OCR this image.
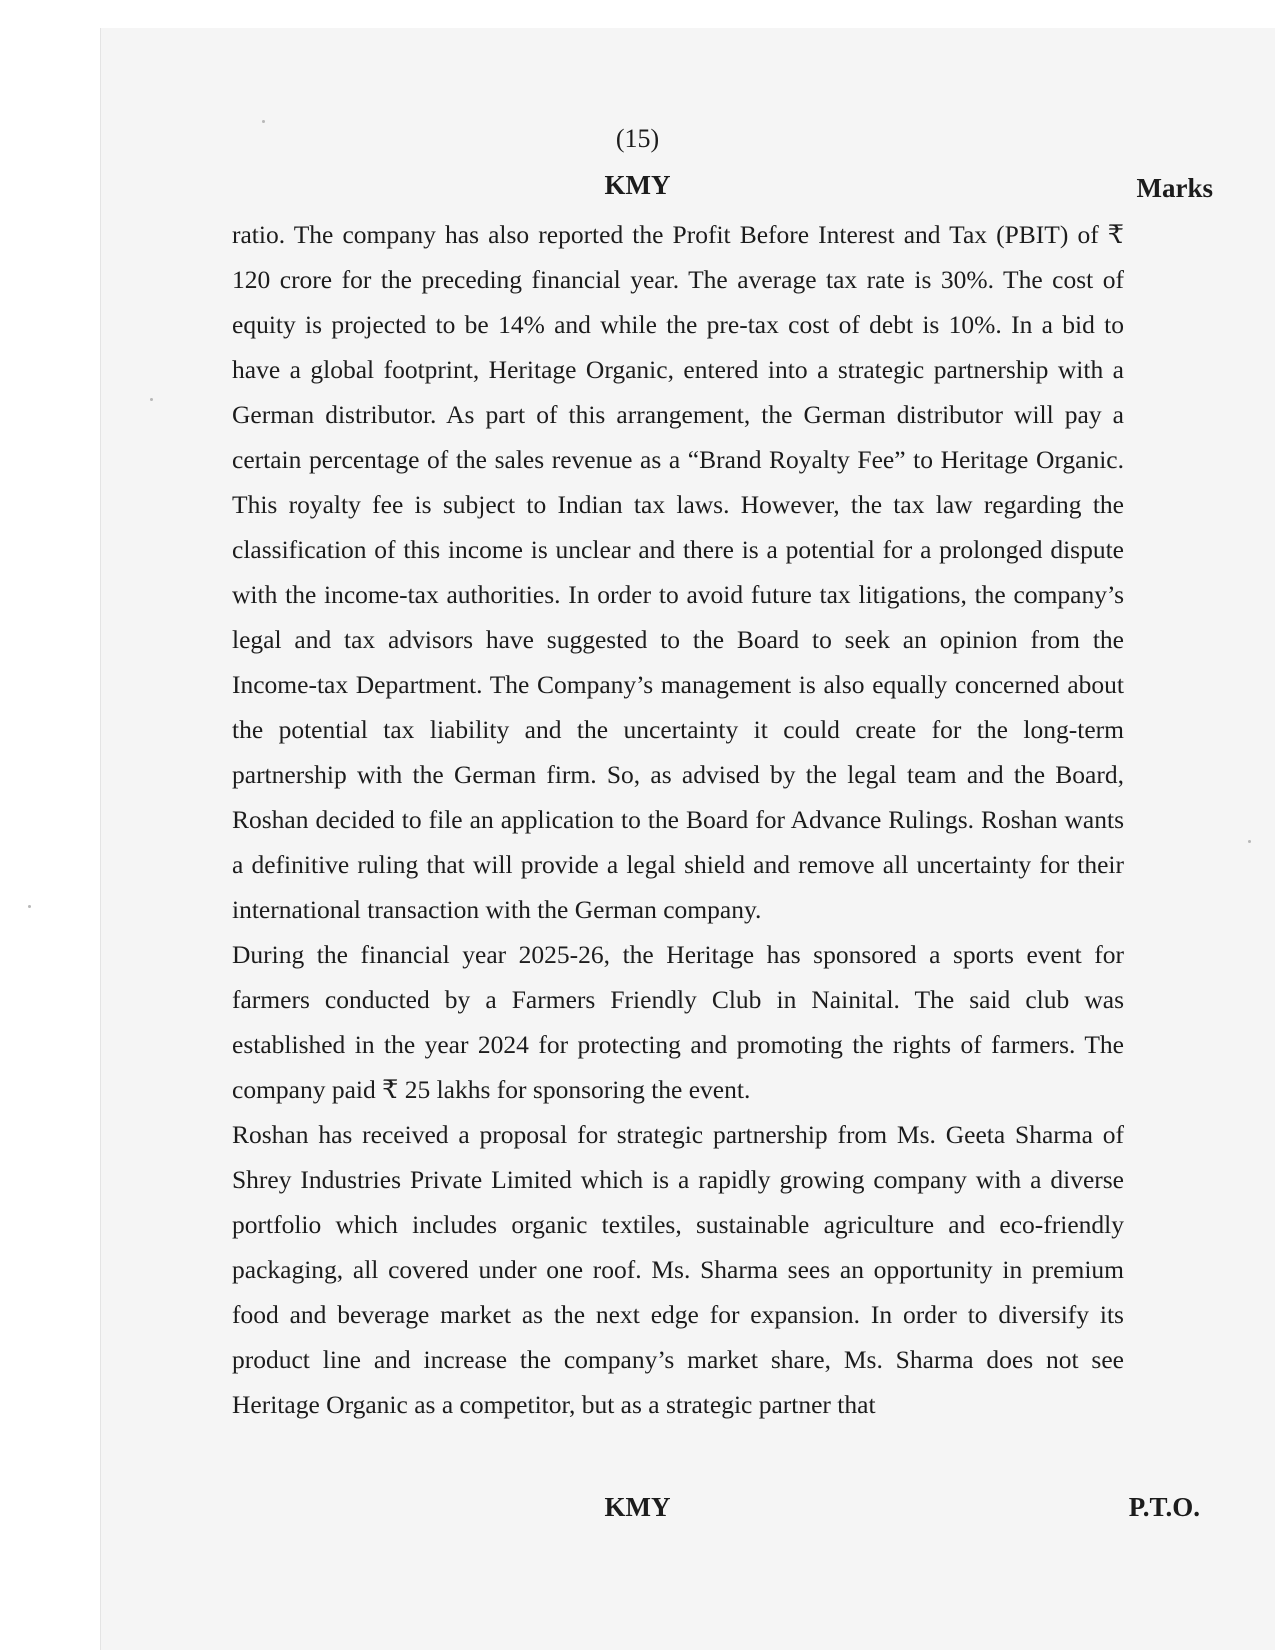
(15)
KMY	Marks

ratio. The company has also reported the Profit Before Interest and Tax (PBIT) of ₹ 120 crore for the preceding financial year. The average tax rate is 30%. The cost of equity is projected to be 14% and while the pre-tax cost of debt is 10%. In a bid to have a global footprint, Heritage Organic, entered into a strategic partnership with a German distributor. As part of this arrangement, the German distributor will pay a certain percentage of the sales revenue as a “Brand Royalty Fee” to Heritage Organic. This royalty fee is subject to Indian tax laws. However, the tax law regarding the classification of this income is unclear and there is a potential for a prolonged dispute with the income-tax authorities. In order to avoid future tax litigations, the company’s legal and tax advisors have suggested to the Board to seek an opinion from the Income-tax Department. The Company’s management is also equally concerned about the potential tax liability and the uncertainty it could create for the long-term partnership with the German firm. So, as advised by the legal team and the Board, Roshan decided to file an application to the Board for Advance Rulings. Roshan wants a definitive ruling that will provide a legal shield and remove all uncertainty for their international transaction with the German company.

During the financial year 2025-26, the Heritage has sponsored a sports event for farmers conducted by a Farmers Friendly Club in Nainital. The said club was established in the year 2024 for protecting and promoting the rights of farmers. The company paid ₹ 25 lakhs for sponsoring the event.

Roshan has received a proposal for strategic partnership from Ms. Geeta Sharma of Shrey Industries Private Limited which is a rapidly growing company with a diverse portfolio which includes organic textiles, sustainable agriculture and eco-friendly packaging, all covered under one roof. Ms. Sharma sees an opportunity in premium food and beverage market as the next edge for expansion. In order to diversify its product line and increase the company’s market share, Ms. Sharma does not see Heritage Organic as a competitor, but as a strategic partner that

KMY	P.T.O.
